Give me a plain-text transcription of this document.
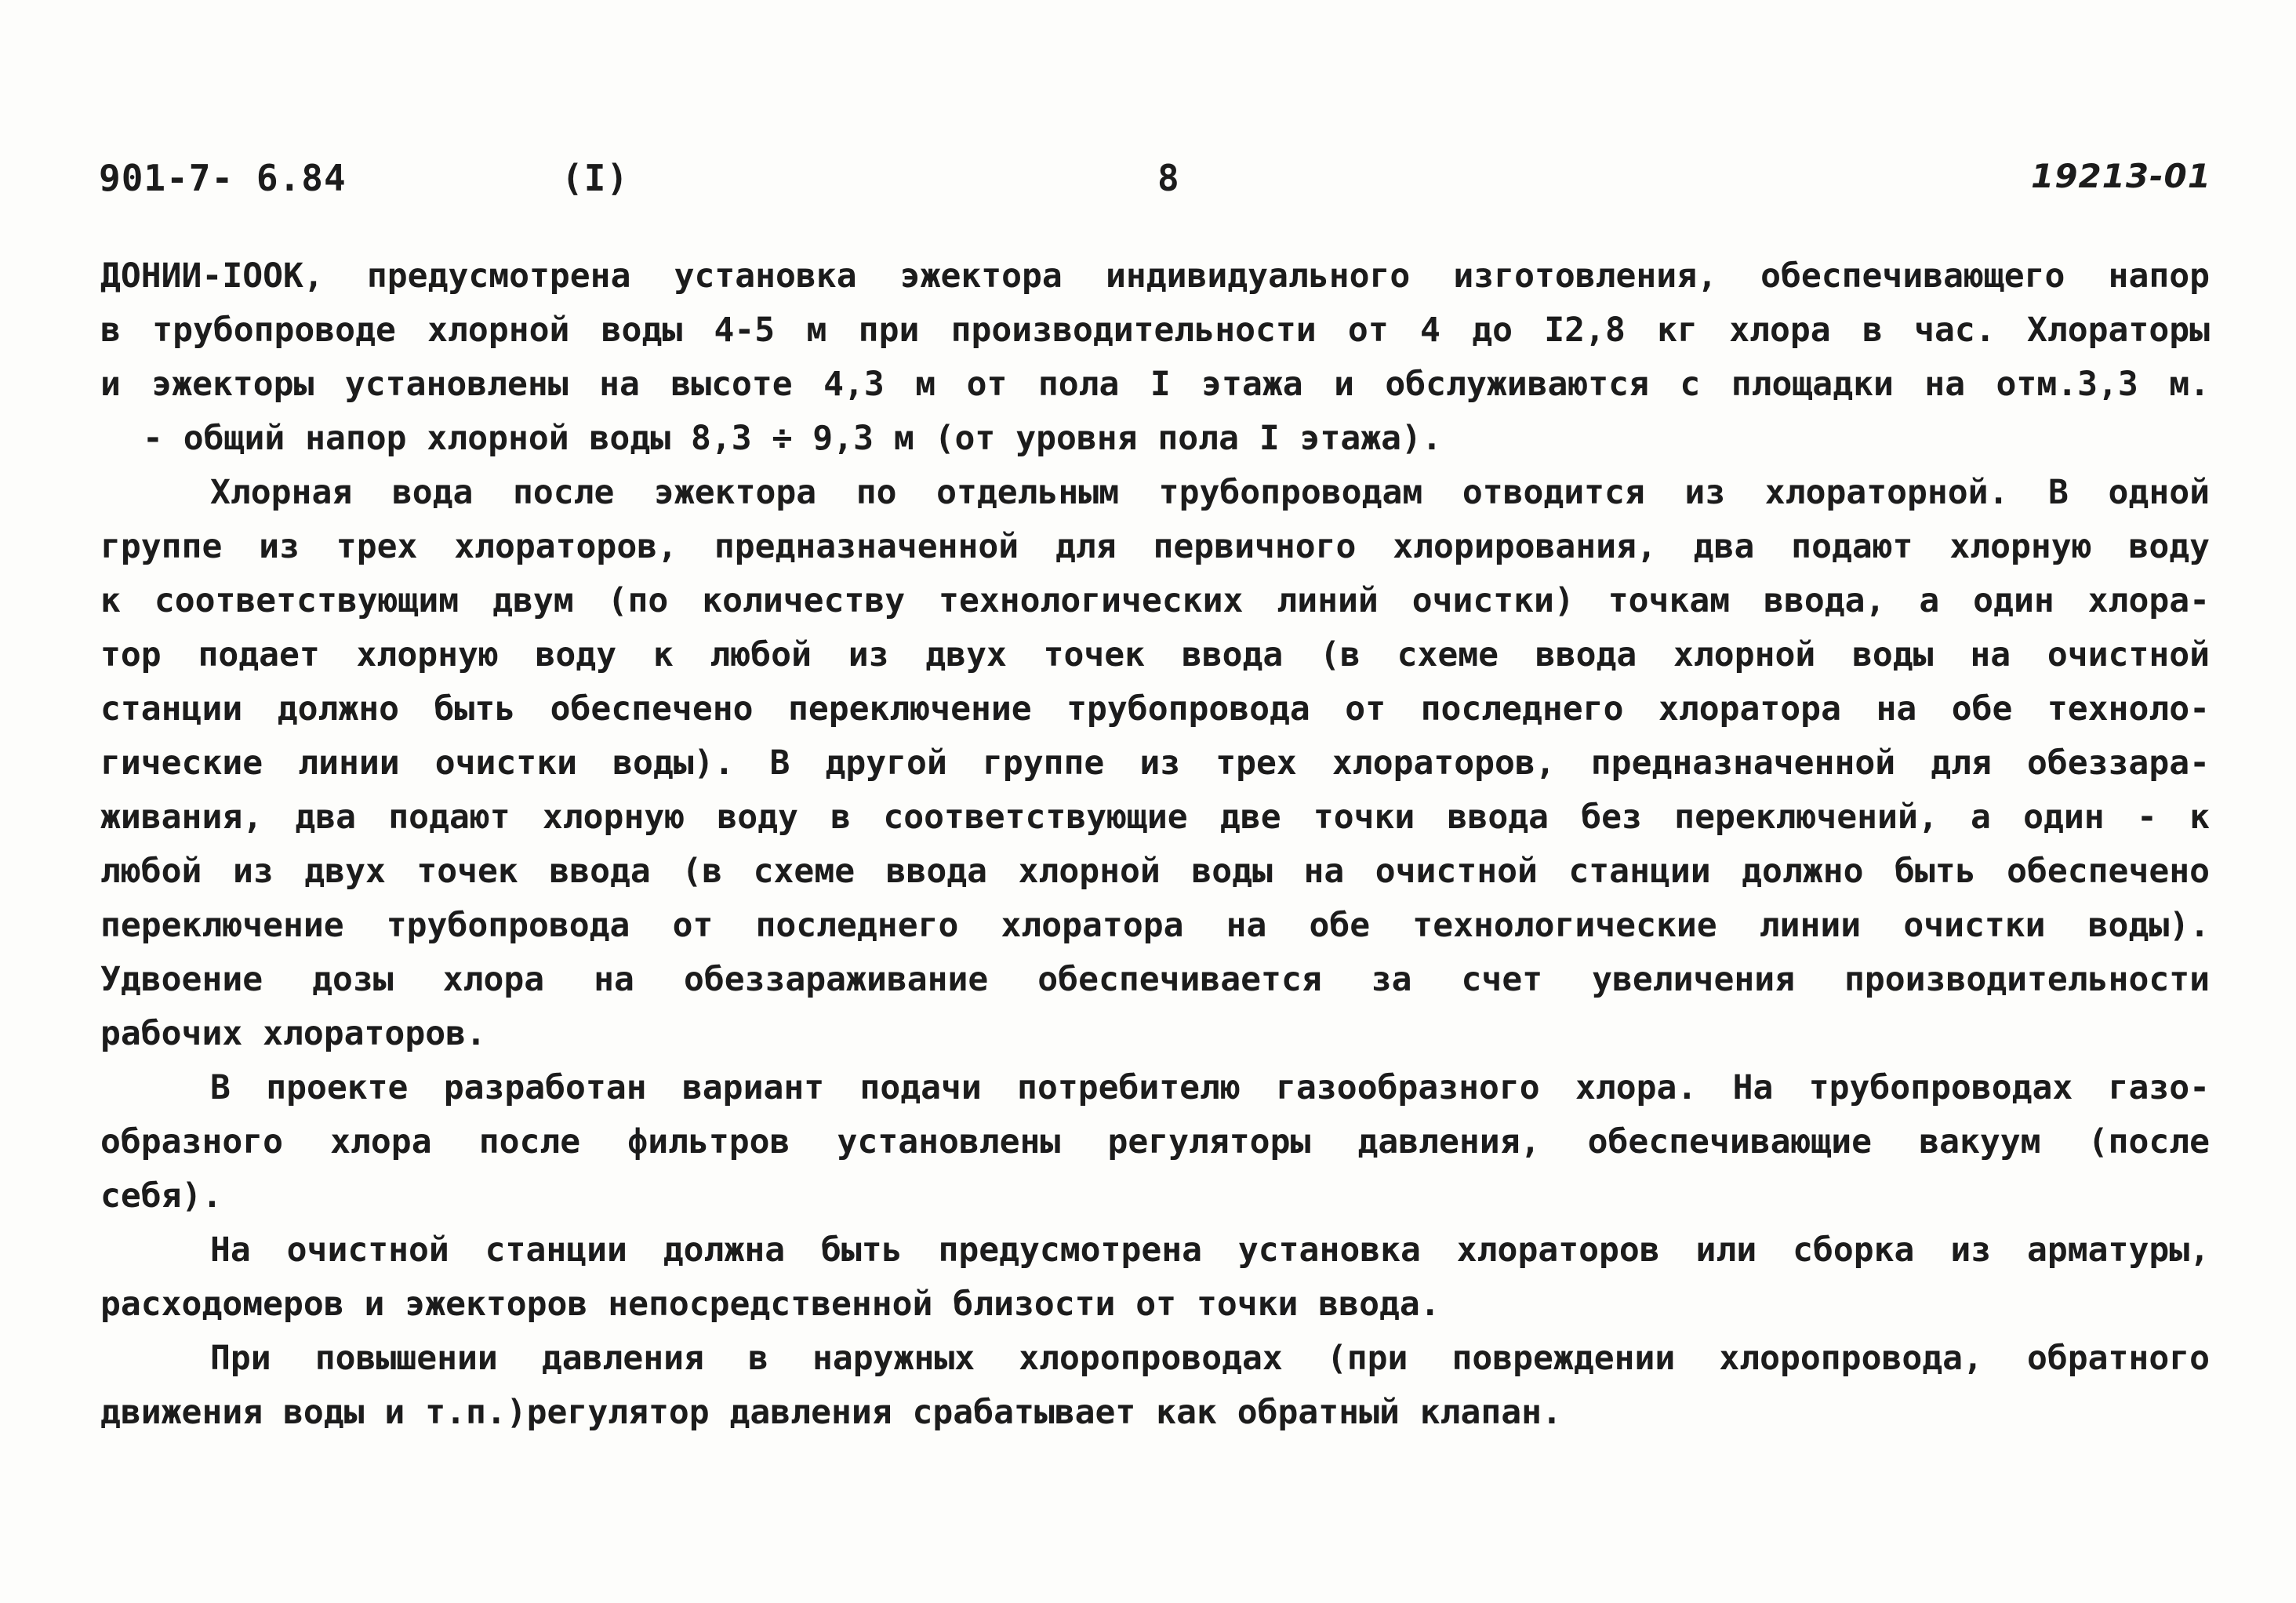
901-7- 6.84	(I)	8	19213-01
ДОНИИ-IOOK, предусмотрена установка эжектора индивидуального изготовления, обеспечивающего напор
в трубопроводе хлорной воды 4-5 м при производительности от 4 до I2,8 кг хлора в час. Хлораторы
и эжекторы установлены на высоте 4,3 м от пола I этажа и обслуживаются с площадки на отм.3,3 м.
- общий напор хлорной воды 8,3 ÷ 9,3 м (от уровня пола I этажа).
Хлорная вода после эжектора по отдельным трубопроводам отводится из хлораторной. В одной
группе из трех хлораторов, предназначенной для первичного хлорирования, два подают хлорную воду
к соответствующим двум (по количеству технологических линий очистки) точкам ввода, а один хлора-
тор подает хлорную воду к любой из двух точек ввода (в схеме ввода хлорной воды на очистной
станции должно быть обеспечено переключение трубопровода от последнего хлоратора на обе техноло-
гические линии очистки воды). В другой группе из трех хлораторов, предназначенной для обеззара-
живания, два подают хлорную воду в соответствующие две точки ввода без переключений, а один - к
любой из двух точек ввода (в схеме ввода хлорной воды на очистной станции должно быть обеспечено
переключение трубопровода от последнего хлоратора на обе технологические линии очистки воды).
Удвоение дозы хлора на обеззараживание обеспечивается за счет увеличения производительности
рабочих хлораторов.
В проекте разработан вариант подачи потребителю газообразного хлора. На трубопроводах газо-
образного хлора после фильтров установлены регуляторы давления, обеспечивающие вакуум (после
себя).
На очистной станции должна быть предусмотрена установка хлораторов или сборка из арматуры,
расходомеров и эжекторов непосредственной близости от точки ввода.
При повышении давления в наружных хлоропроводах (при повреждении хлоропровода, обратного
движения воды и т.п.)регулятор давления срабатывает как обратный клапан.
